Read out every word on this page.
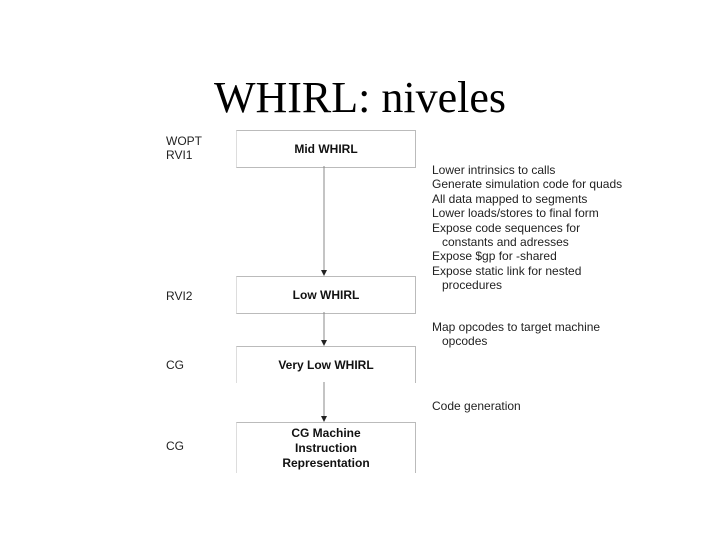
WHIRL: niveles
WOPT
RVI1
RVI2
CG
CG
Mid WHIRL
Low WHIRL
Very Low WHIRL
CG Machine
Instruction
Representation
Lower intrinsics to calls
Generate simulation code for quads
All data mapped to segments
Lower loads/stores to final form
Expose code sequences for
constants and adresses
Expose $gp for -shared
Expose static link for nested
procedures
Map opcodes to target machine
opcodes
Code generation
